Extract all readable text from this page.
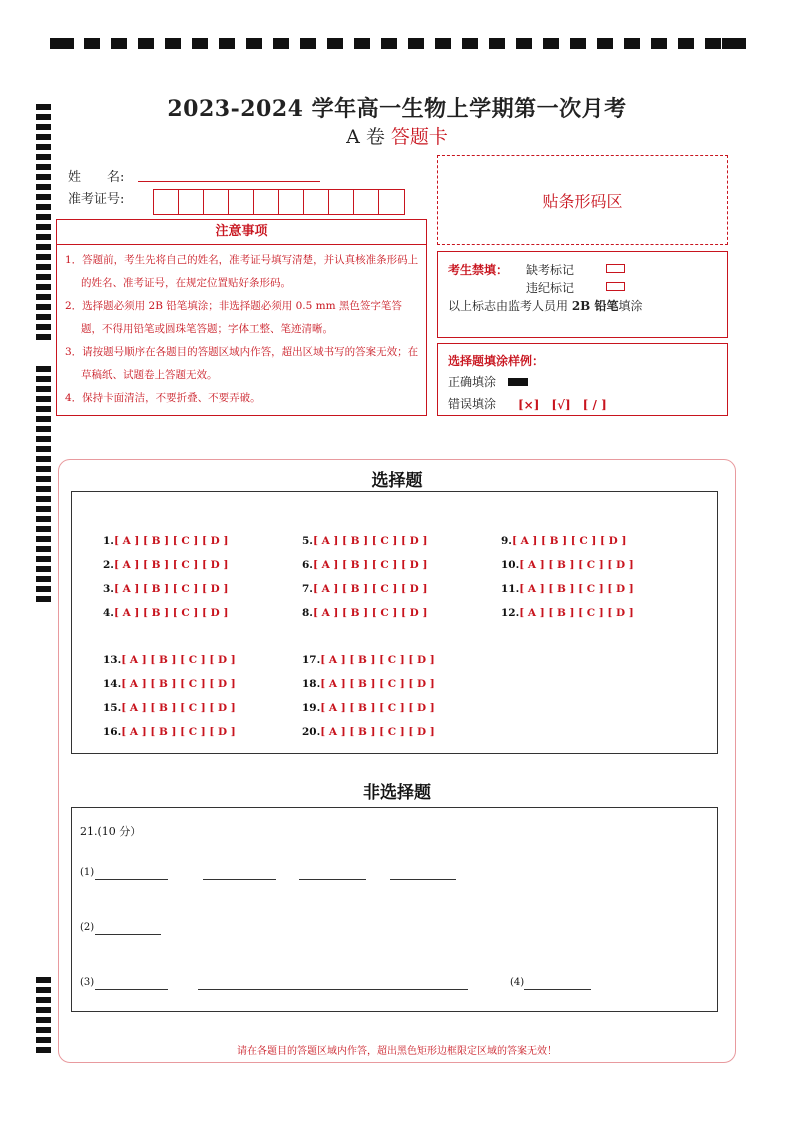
2023-2024 学年高一生物上学期第一次月考
A 卷 答题卡
姓　　名:
准考证号:	贴条形码区
注意事项
1．答题前，考生先将自己的姓名，准考证号填写清楚，并认真核准条形码上的姓名、准考证号，在规定位置贴好条形码。
2．选择题必须用 2B 铅笔填涂；非选择题必须用 0.5 mm 黑色签字笔答题，不得用铅笔或圆珠笔答题；字体工整、笔迹清晰。
3．请按题号顺序在各题目的答题区域内作答，超出区域书写的答案无效；在草稿纸、试题卷上答题无效。
4．保持卡面清洁，不要折叠、不要弄破。
考生禁填： 缺考标记
违纪标记
以上标志由监考人员用 2B 铅笔填涂
选择题填涂样例：
正确填涂
错误填涂 [×]　[√]　[ / ]
选择题
1.[ A ] [ B ] [ C ] [ D ]
2.[ A ] [ B ] [ C ] [ D ]
3.[ A ] [ B ] [ C ] [ D ]
4.[ A ] [ B ] [ C ] [ D ]
5.[ A ] [ B ] [ C ] [ D ]
6.[ A ] [ B ] [ C ] [ D ]
7.[ A ] [ B ] [ C ] [ D ]
8.[ A ] [ B ] [ C ] [ D ]
9.[ A ] [ B ] [ C ] [ D ]
10.[ A ] [ B ] [ C ] [ D ]
11.[ A ] [ B ] [ C ] [ D ]
12.[ A ] [ B ] [ C ] [ D ]
13.[ A ] [ B ] [ C ] [ D ]
14.[ A ] [ B ] [ C ] [ D ]
15.[ A ] [ B ] [ C ] [ D ]
16.[ A ] [ B ] [ C ] [ D ]
17.[ A ] [ B ] [ C ] [ D ]
18.[ A ] [ B ] [ C ] [ D ]
19.[ A ] [ B ] [ C ] [ D ]
20.[ A ] [ B ] [ C ] [ D ]
非选择题
21.(10 分）
(1)
(2)
(3)	(4)
请在各题目的答题区域内作答，超出黑色矩形边框限定区域的答案无效！
